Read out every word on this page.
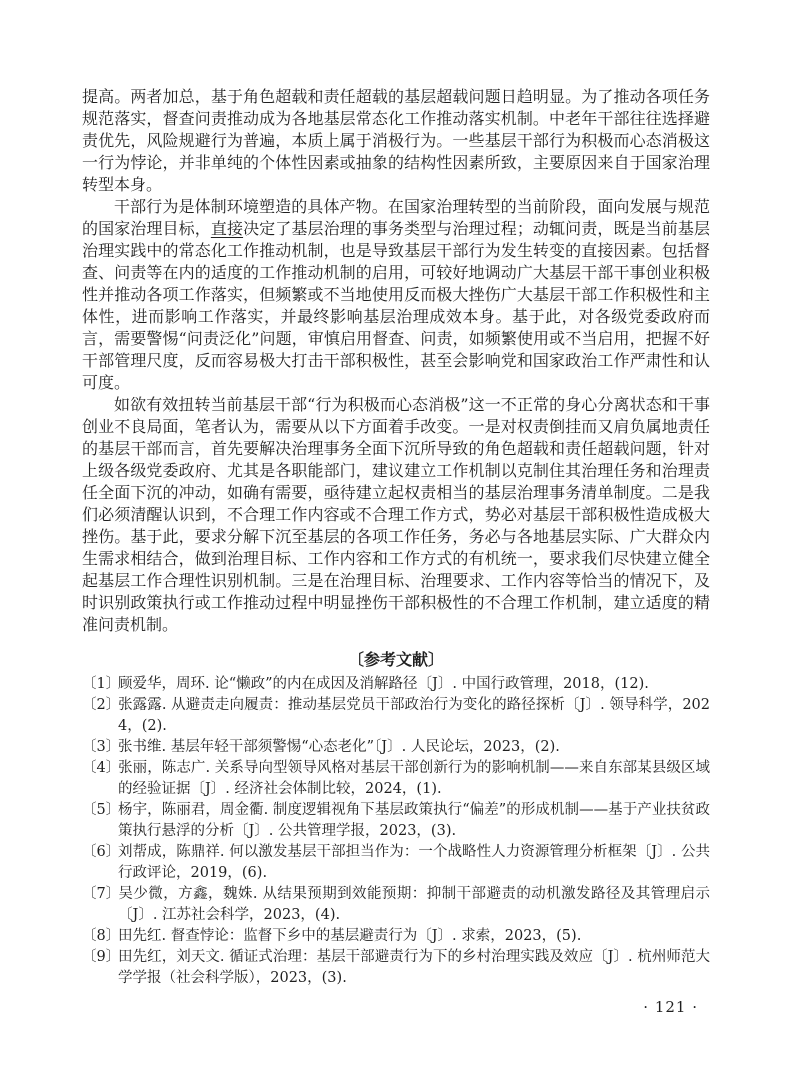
提高。两者加总，基于角色超载和责任超载的基层超载问题日趋明显。为了推动各项任务规范落实，督查问责推动成为各地基层常态化工作推动落实机制。中老年干部往往选择避责优先，风险规避行为普遍，本质上属于消极行为。一些基层干部行为积极而心态消极这一行为悖论，并非单纯的个体性因素或抽象的结构性因素所致，主要原因来自于国家治理转型本身。

干部行为是体制环境塑造的具体产物。在国家治理转型的当前阶段，面向发展与规范的国家治理目标，直接决定了基层治理的事务类型与治理过程；动辄问责，既是当前基层治理实践中的常态化工作推动机制，也是导致基层干部行为发生转变的直接因素。包括督查、问责等在内的适度的工作推动机制的启用，可较好地调动广大基层干部干事创业积极性并推动各项工作落实，但频繁或不当地使用反而极大挫伤广大基层干部工作积极性和主体性，进而影响工作落实，并最终影响基层治理成效本身。基于此，对各级党委政府而言，需要警惕“问责泛化”问题，审慎启用督查、问责，如频繁使用或不当启用，把握不好干部管理尺度，反而容易极大打击干部积极性，甚至会影响党和国家政治工作严肃性和认可度。

如欲有效扭转当前基层干部“行为积极而心态消极”这一不正常的身心分离状态和干事创业不良局面，笔者认为，需要从以下方面着手改变。一是对权责倒挂而又肩负属地责任的基层干部而言，首先要解决治理事务全面下沉所导致的角色超载和责任超载问题，针对上级各级党委政府、尤其是各职能部门，建议建立工作机制以克制住其治理任务和治理责任全面下沉的冲动，如确有需要，亟待建立起权责相当的基层治理事务清单制度。二是我们必须清醒认识到，不合理工作内容或不合理工作方式，势必对基层干部积极性造成极大挫伤。基于此，要求分解下沉至基层的各项工作任务，务必与各地基层实际、广大群众内生需求相结合，做到治理目标、工作内容和工作方式的有机统一，要求我们尽快建立健全起基层工作合理性识别机制。三是在治理目标、治理要求、工作内容等恰当的情况下，及时识别政策执行或工作推动过程中明显挫伤干部积极性的不合理工作机制，建立适度的精准问责机制。

〔参考文献〕
〔1〕顾爱华，周环. 论“懒政”的内在成因及消解路径〔J〕. 中国行政管理，2018，(12).
〔2〕张露露. 从避责走向履责：推动基层党员干部政治行为变化的路径探析〔J〕. 领导科学，2024，(2).
〔3〕张书维. 基层年轻干部须警惕“心态老化”〔J〕. 人民论坛，2023，(2).
〔4〕张丽，陈志广. 关系导向型领导风格对基层干部创新行为的影响机制——来自东部某县级区域的经验证据〔J〕. 经济社会体制比较，2024，(1).
〔5〕杨宇，陈丽君，周金衢. 制度逻辑视角下基层政策执行“偏差”的形成机制——基于产业扶贫政策执行悬浮的分析〔J〕. 公共管理学报，2023，(3).
〔6〕刘帮成，陈鼎祥. 何以激发基层干部担当作为：一个战略性人力资源管理分析框架〔J〕. 公共行政评论，2019，(6).
〔7〕吴少微，方鑫，魏姝. 从结果预期到效能预期：抑制干部避责的动机激发路径及其管理启示〔J〕. 江苏社会科学，2023，(4).
〔8〕田先红. 督查悖论：监督下乡中的基层避责行为〔J〕. 求索，2023，(5).
〔9〕田先红，刘天文. 循证式治理：基层干部避责行为下的乡村治理实践及效应〔J〕. 杭州师范大学学报（社会科学版），2023，(3).
· 121 ·
